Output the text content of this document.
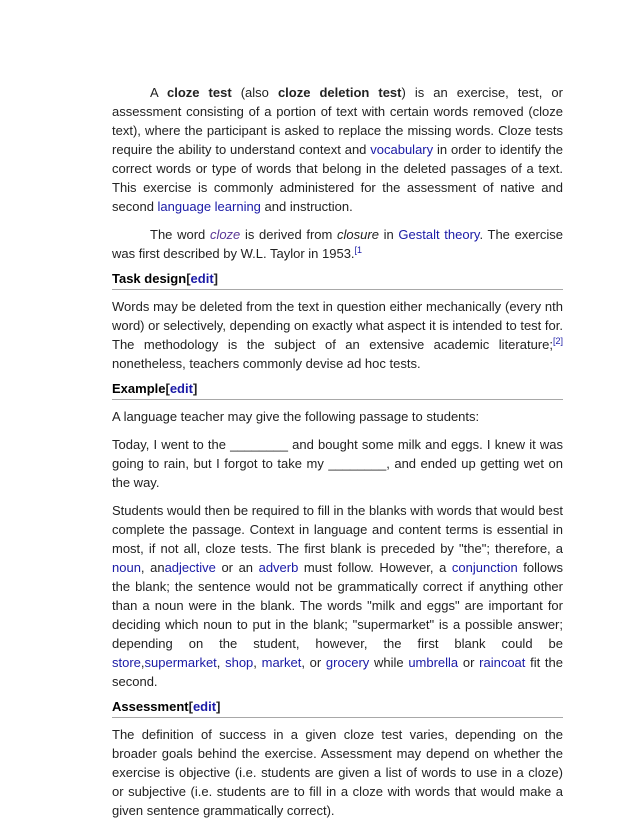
A cloze test (also cloze deletion test) is an exercise, test, or assessment consisting of a portion of text with certain words removed (cloze text), where the participant is asked to replace the missing words. Cloze tests require the ability to understand context and vocabulary in order to identify the correct words or type of words that belong in the deleted passages of a text. This exercise is commonly administered for the assessment of native and second language learning and instruction.

The word cloze is derived from closure in Gestalt theory. The exercise was first described by W.L. Taylor in 1953.$^{[1}$

Task design[edit]

Words may be deleted from the text in question either mechanically (every nth word) or selectively, depending on exactly what aspect it is intended to test for. The methodology is the subject of an extensive academic literature;[2] nonetheless, teachers commonly devise ad hoc tests.

Example[edit]

A language teacher may give the following passage to students:

Today, I went to the ________ and bought some milk and eggs. I knew it was going to rain, but I forgot to take my ________, and ended up getting wet on the way.

Students would then be required to fill in the blanks with words that would best complete the passage. Context in language and content terms is essential in most, if not all, cloze tests. The first blank is preceded by "the"; therefore, a noun, anadjective or an adverb must follow. However, a conjunction follows the blank; the sentence would not be grammatically correct if anything other than a noun were in the blank. The words "milk and eggs" are important for deciding which noun to put in the blank; "supermarket" is a possible answer; depending on the student, however, the first blank could be store,supermarket, shop, market, or grocery while umbrella or raincoat fit the second.

Assessment[edit]

The definition of success in a given cloze test varies, depending on the broader goals behind the exercise. Assessment may depend on whether the exercise is objective (i.e. students are given a list of words to use in a cloze) or subjective (i.e. students are to fill in a cloze with words that would make a given sentence grammatically correct).
